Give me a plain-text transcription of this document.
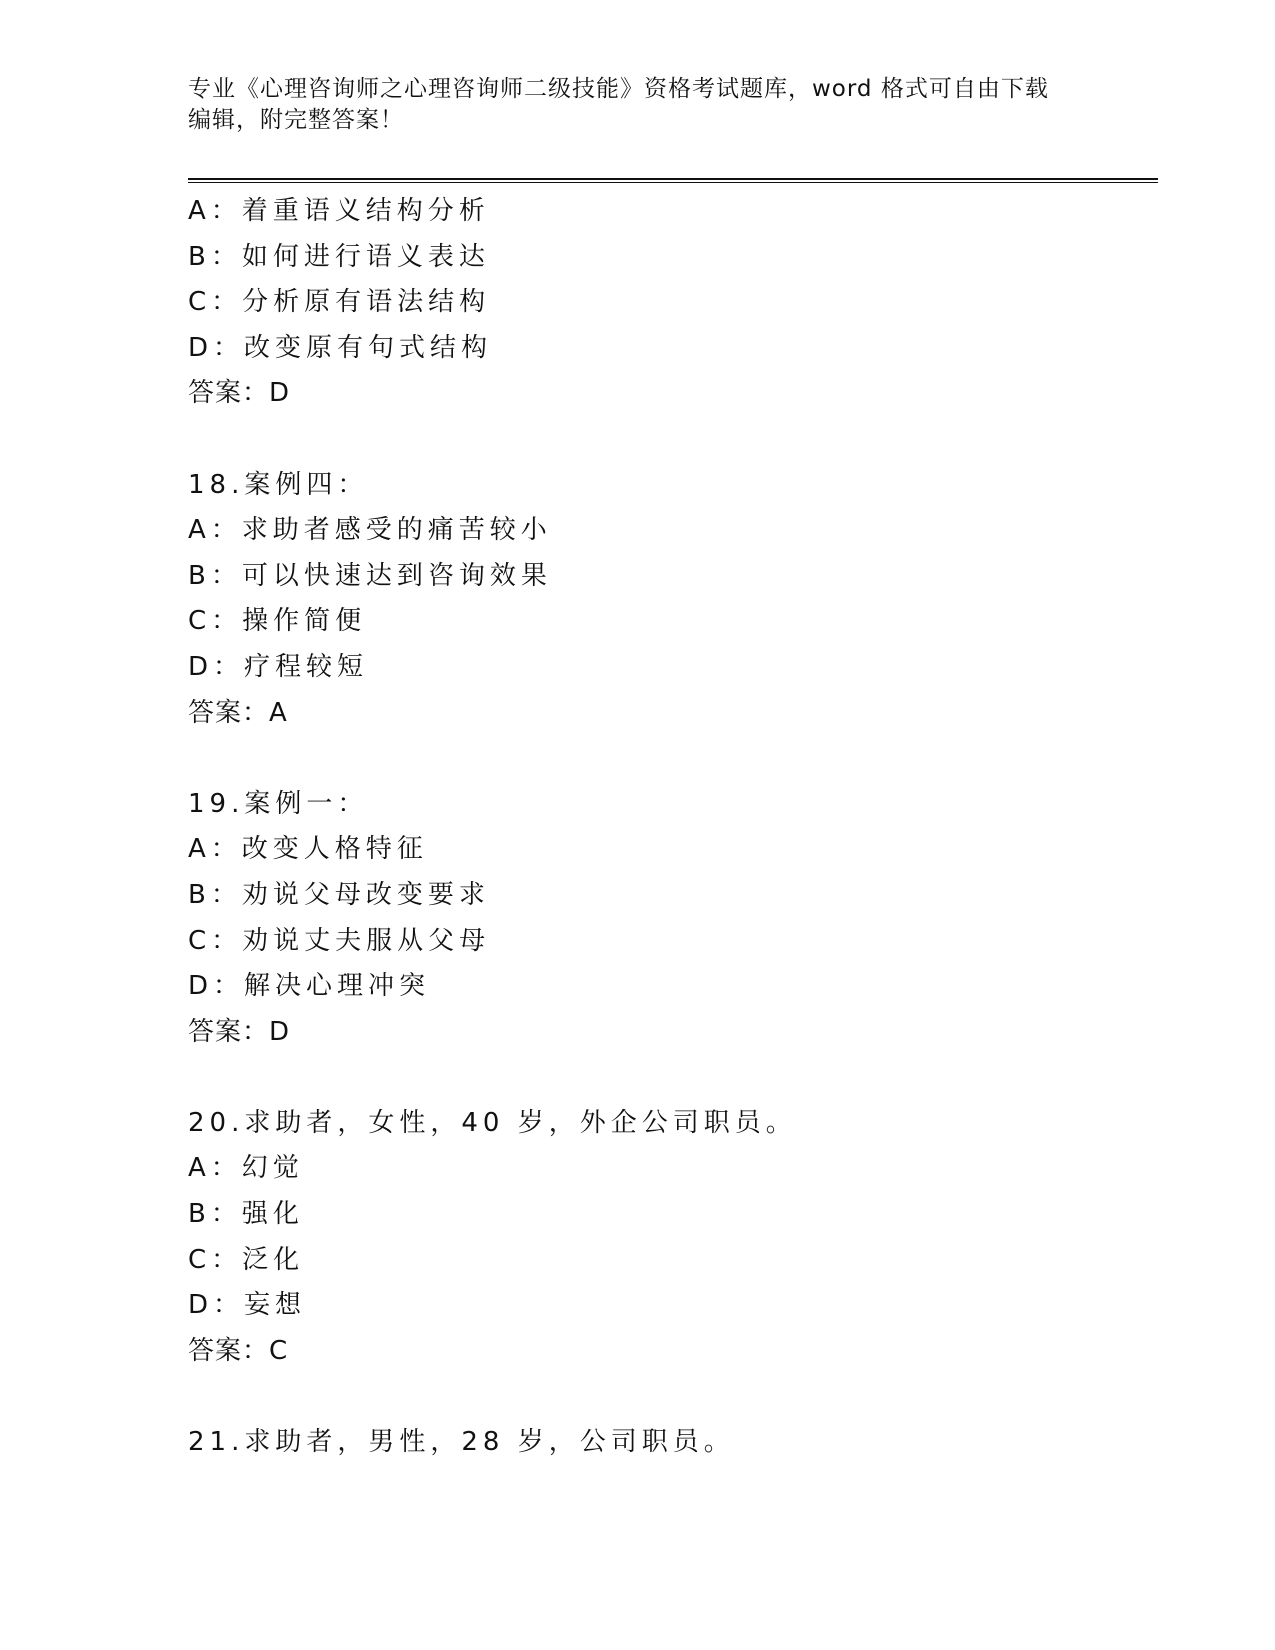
专业《心理咨询师之心理咨询师二级技能》资格考试题库，word 格式可自由下载
编辑，附完整答案！
A：着重语义结构分析
B：如何进行语义表达
C：分析原有语法结构
D：改变原有句式结构
答案：D
18.案例四：
A：求助者感受的痛苦较小
B：可以快速达到咨询效果
C：操作简便
D：疗程较短
答案：A
19.案例一：
A：改变人格特征
B：劝说父母改变要求
C：劝说丈夫服从父母
D：解决心理冲突
答案：D
20.求助者，女性，40 岁，外企公司职员。
A：幻觉
B：强化
C：泛化
D：妄想
答案：C
21.求助者，男性，28 岁，公司职员。
